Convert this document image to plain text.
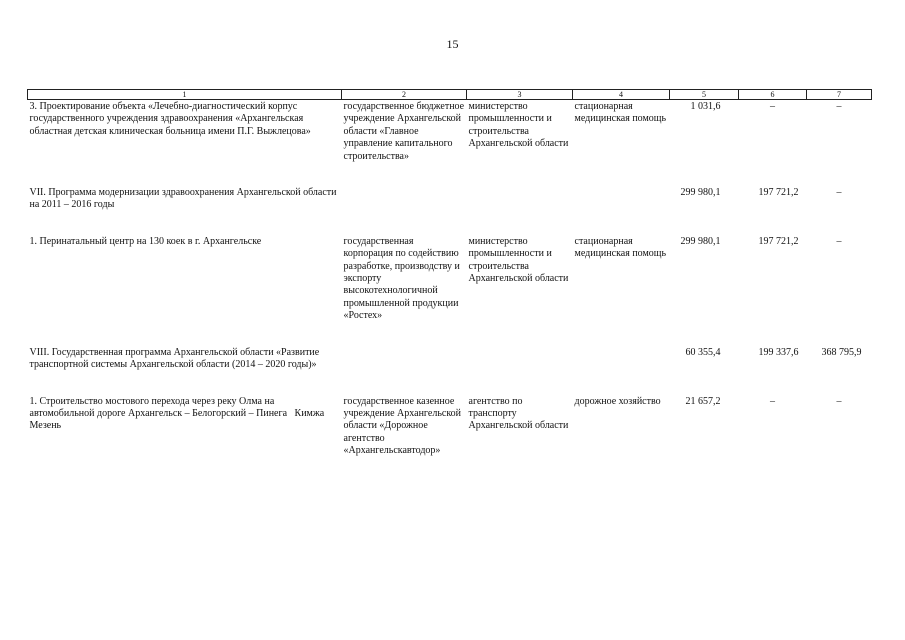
15
1	2	3	4	5	6	7
3. Проектирование объекта «Лечебно-диагностический корпус государственного учреждения здравоохранения «Архангельская областная детская клиническая больница имени П.Г. Выжлецова»	государственное бюджетное учреждение Архангельской области «Главное управление капитального строительства»	министерство промышленности и строительства Архангельской области	стационарная медицинская помощь	1 031,6	–	–

VII. Программа модернизации здравоохранения Архангельской области на 2011 – 2016 годы				299 980,1	197 721,2	–

1. Перинатальный центр на 130 коек в г. Архангельске	государственная корпорация по содействию разработке, производству и экспорту высокотехнологичной промышленной продукции «Ростех»	министерство промышленности и строительства Архангельской области	стационарная медицинская помощь	299 980,1	197 721,2	–

VIII. Государственная программа Архангельской области «Развитие транспортной системы Архангельской области (2014 – 2020 годы)»				60 355,4	199 337,6	368 795,9

1. Строительство мостового перехода через реку Олма на автомобильной дороге Архангельск – Белогорский – Пинега   Кимжа   Мезень	государственное казенное учреждение Архангельской области «Дорожное агентство «Архангельскавтодор»	агентство по транспорту Архангельской области	дорожное хозяйство	21 657,2	–	–
